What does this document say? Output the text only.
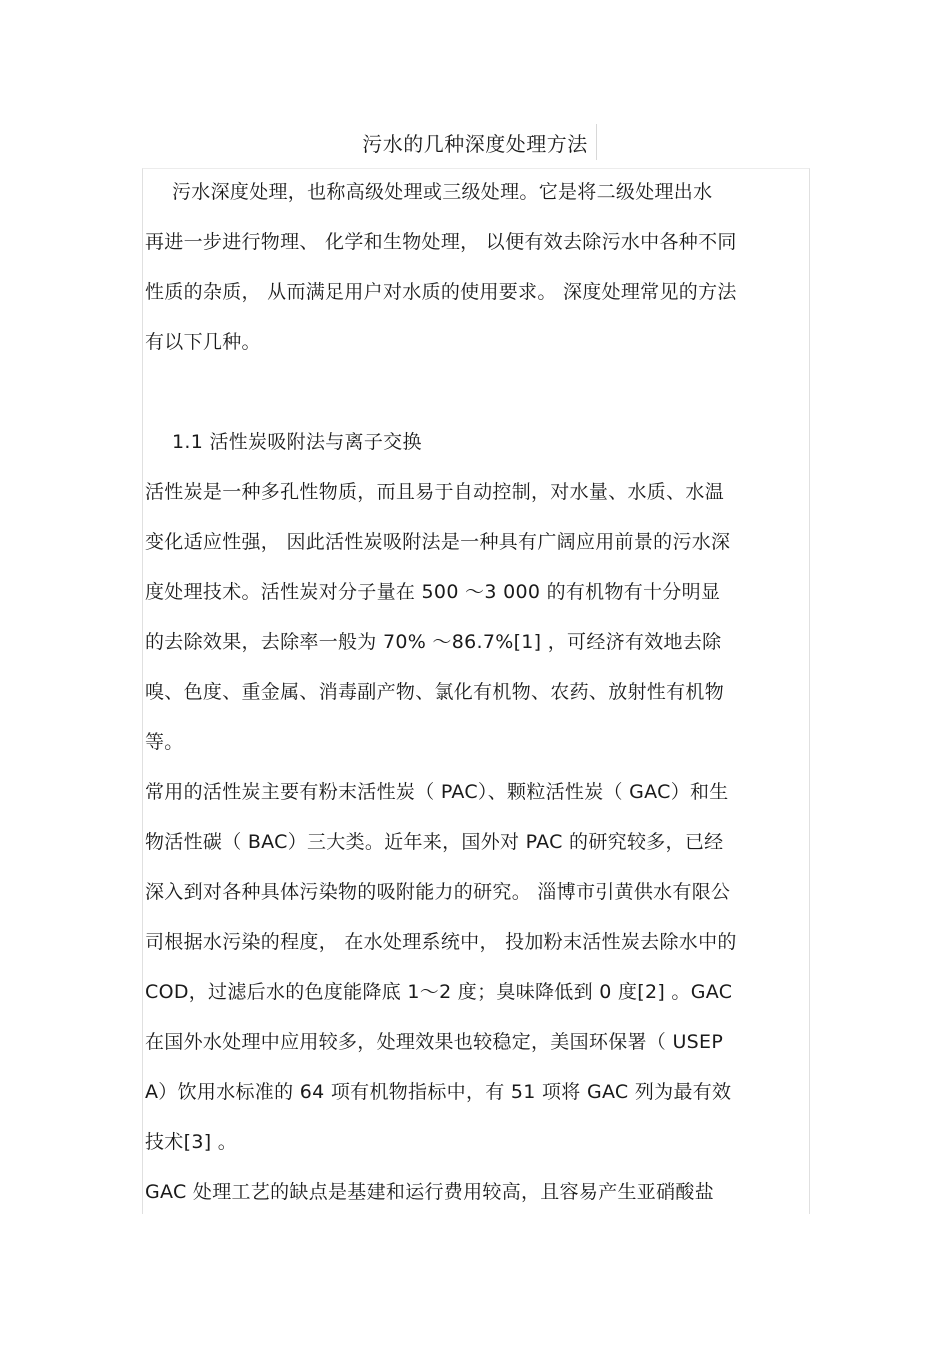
污水的几种深度处理方法
污水深度处理，也称高级处理或三级处理。它是将二级处理出水
再进一步进行物理、 化学和生物处理， 以便有效去除污水中各种不同
性质的杂质， 从而满足用户对水质的使用要求。 深度处理常见的方法
有以下几种。
1.1 活性炭吸附法与离子交换
活性炭是一种多孔性物质，而且易于自动控制，对水量、水质、水温
变化适应性强， 因此活性炭吸附法是一种具有广阔应用前景的污水深
度处理技术。活性炭对分子量在 500 ～3 000 的有机物有十分明显
的去除效果，去除率一般为 70% ～86.7%[1] ，可经济有效地去除
嗅、色度、重金属、消毒副产物、氯化有机物、农药、放射性有机物
等。
常用的活性炭主要有粉末活性炭（ PAC）、颗粒活性炭（ GAC）和生
物活性碳（ BAC）三大类。近年来，国外对 PAC 的研究较多，已经
深入到对各种具体污染物的吸附能力的研究。 淄博市引黄供水有限公
司根据水污染的程度， 在水处理系统中， 投加粉末活性炭去除水中的
COD，过滤后水的色度能降底 1～2 度；臭味降低到 0 度[2] 。GAC
在国外水处理中应用较多，处理效果也较稳定，美国环保署（ USEP
A）饮用水标准的 64 项有机物指标中，有 51 项将 GAC 列为最有效
技术[3] 。
GAC 处理工艺的缺点是基建和运行费用较高，且容易产生亚硝酸盐
